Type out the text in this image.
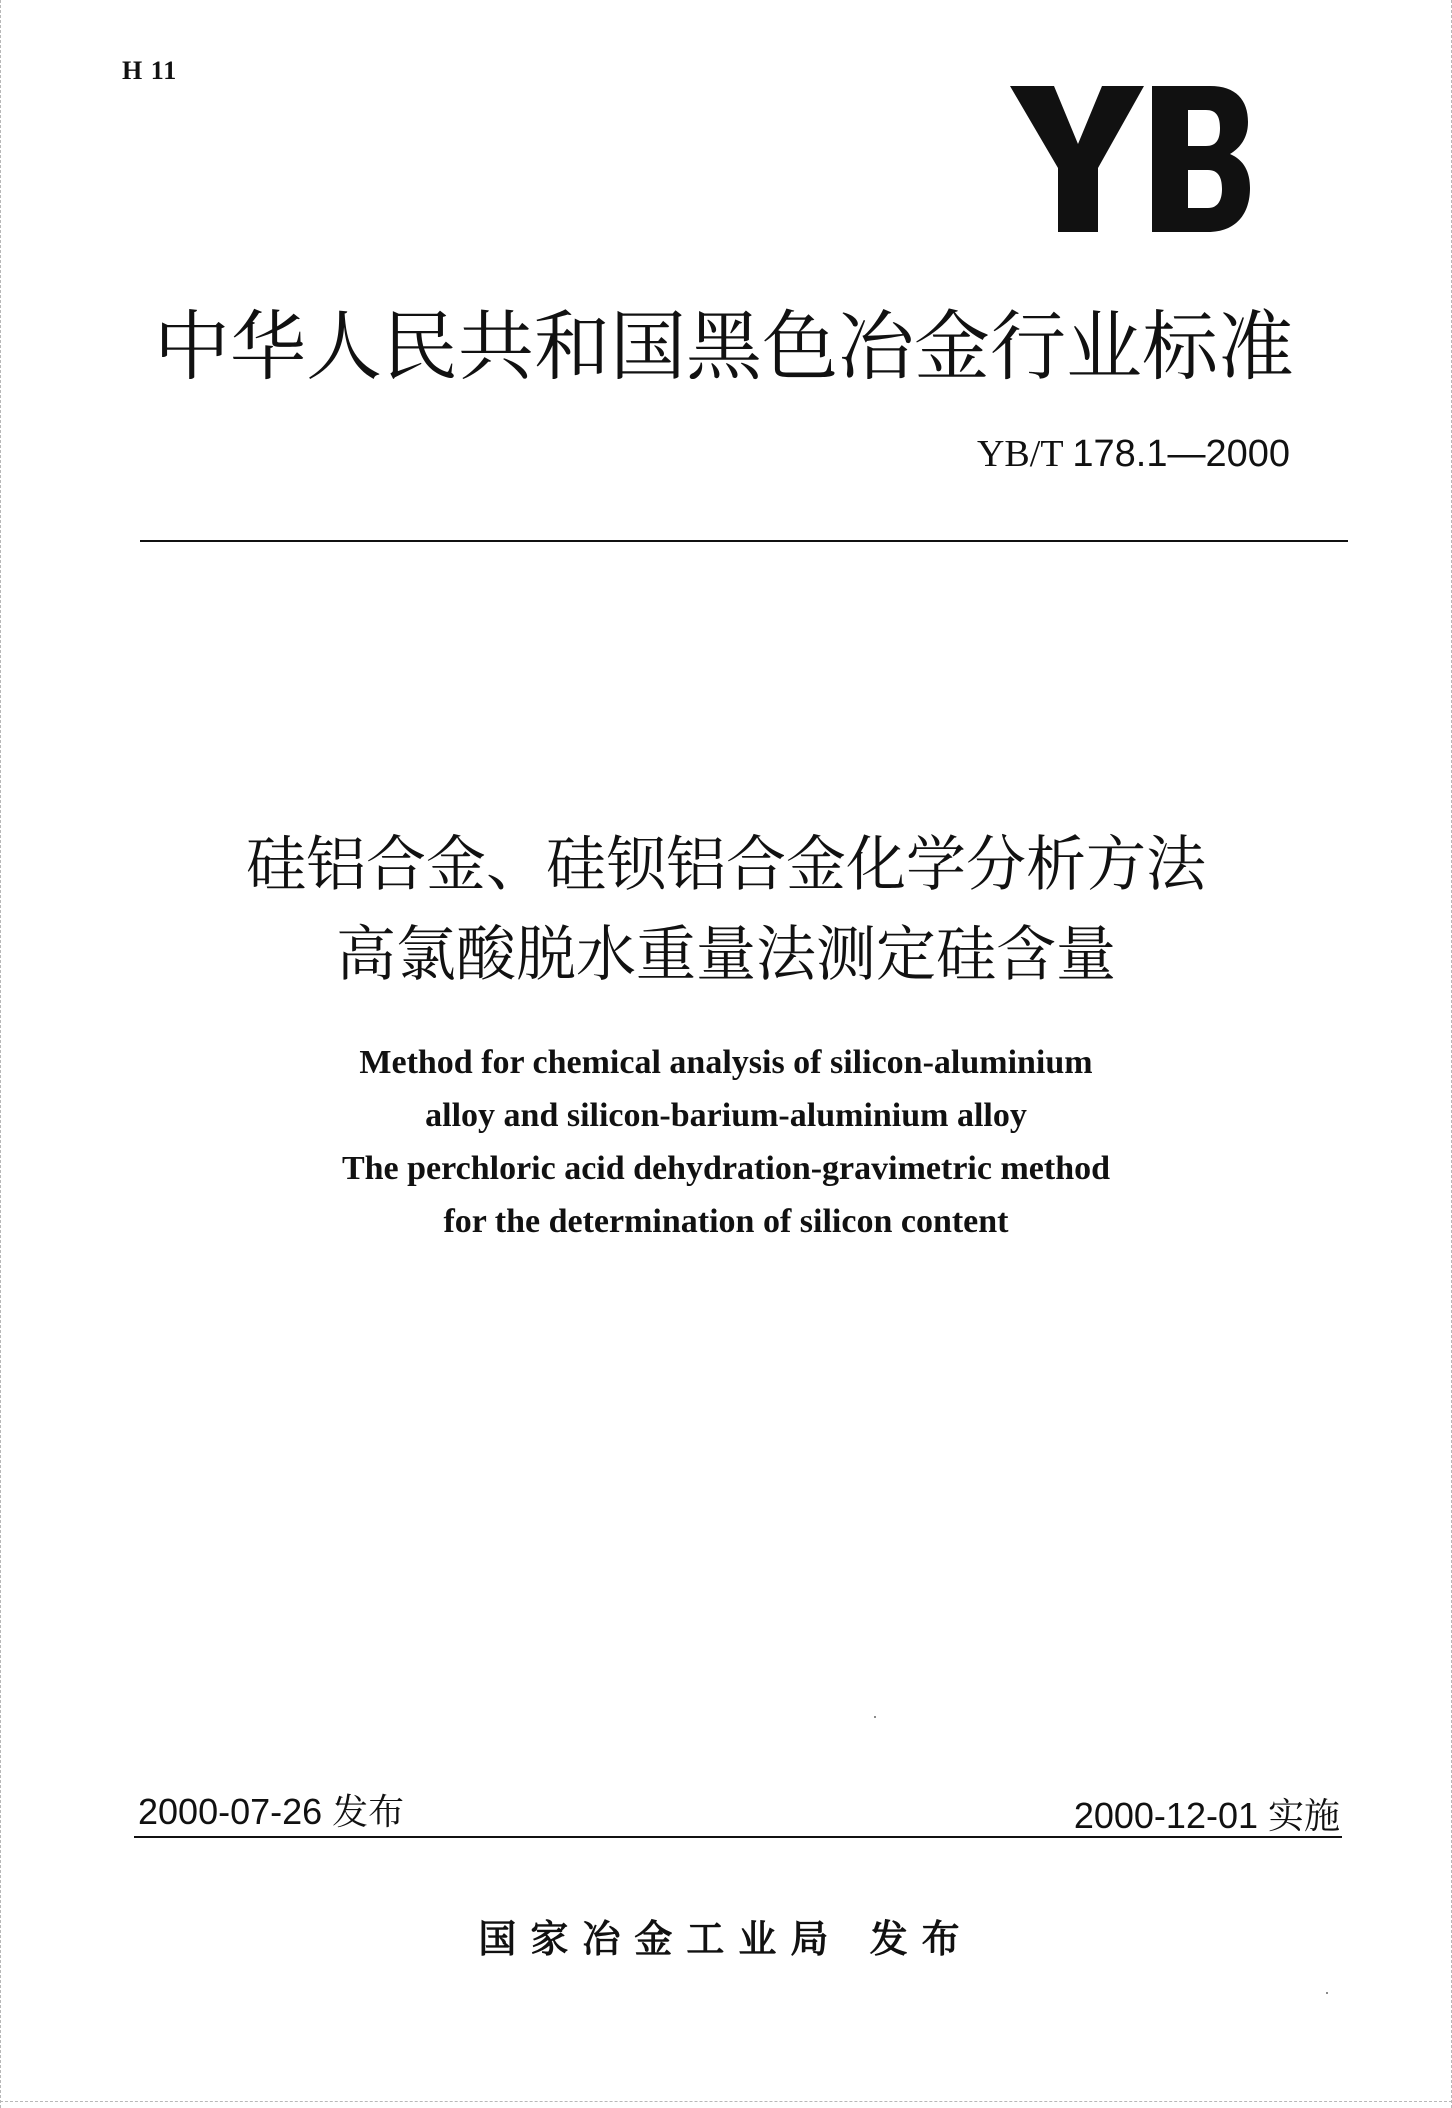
H 11
中华人民共和国黑色冶金行业标准
YB/T 178.1—2000
硅铝合金、硅钡铝合金化学分析方法
高氯酸脱水重量法测定硅含量
Method for chemical analysis of silicon-aluminium
alloy and silicon-barium-aluminium alloy
The perchloric acid dehydration-gravimetric method
for the determination of silicon content
2000-07-26 发布	2000-12-01 实施
国家冶金工业局 发布
